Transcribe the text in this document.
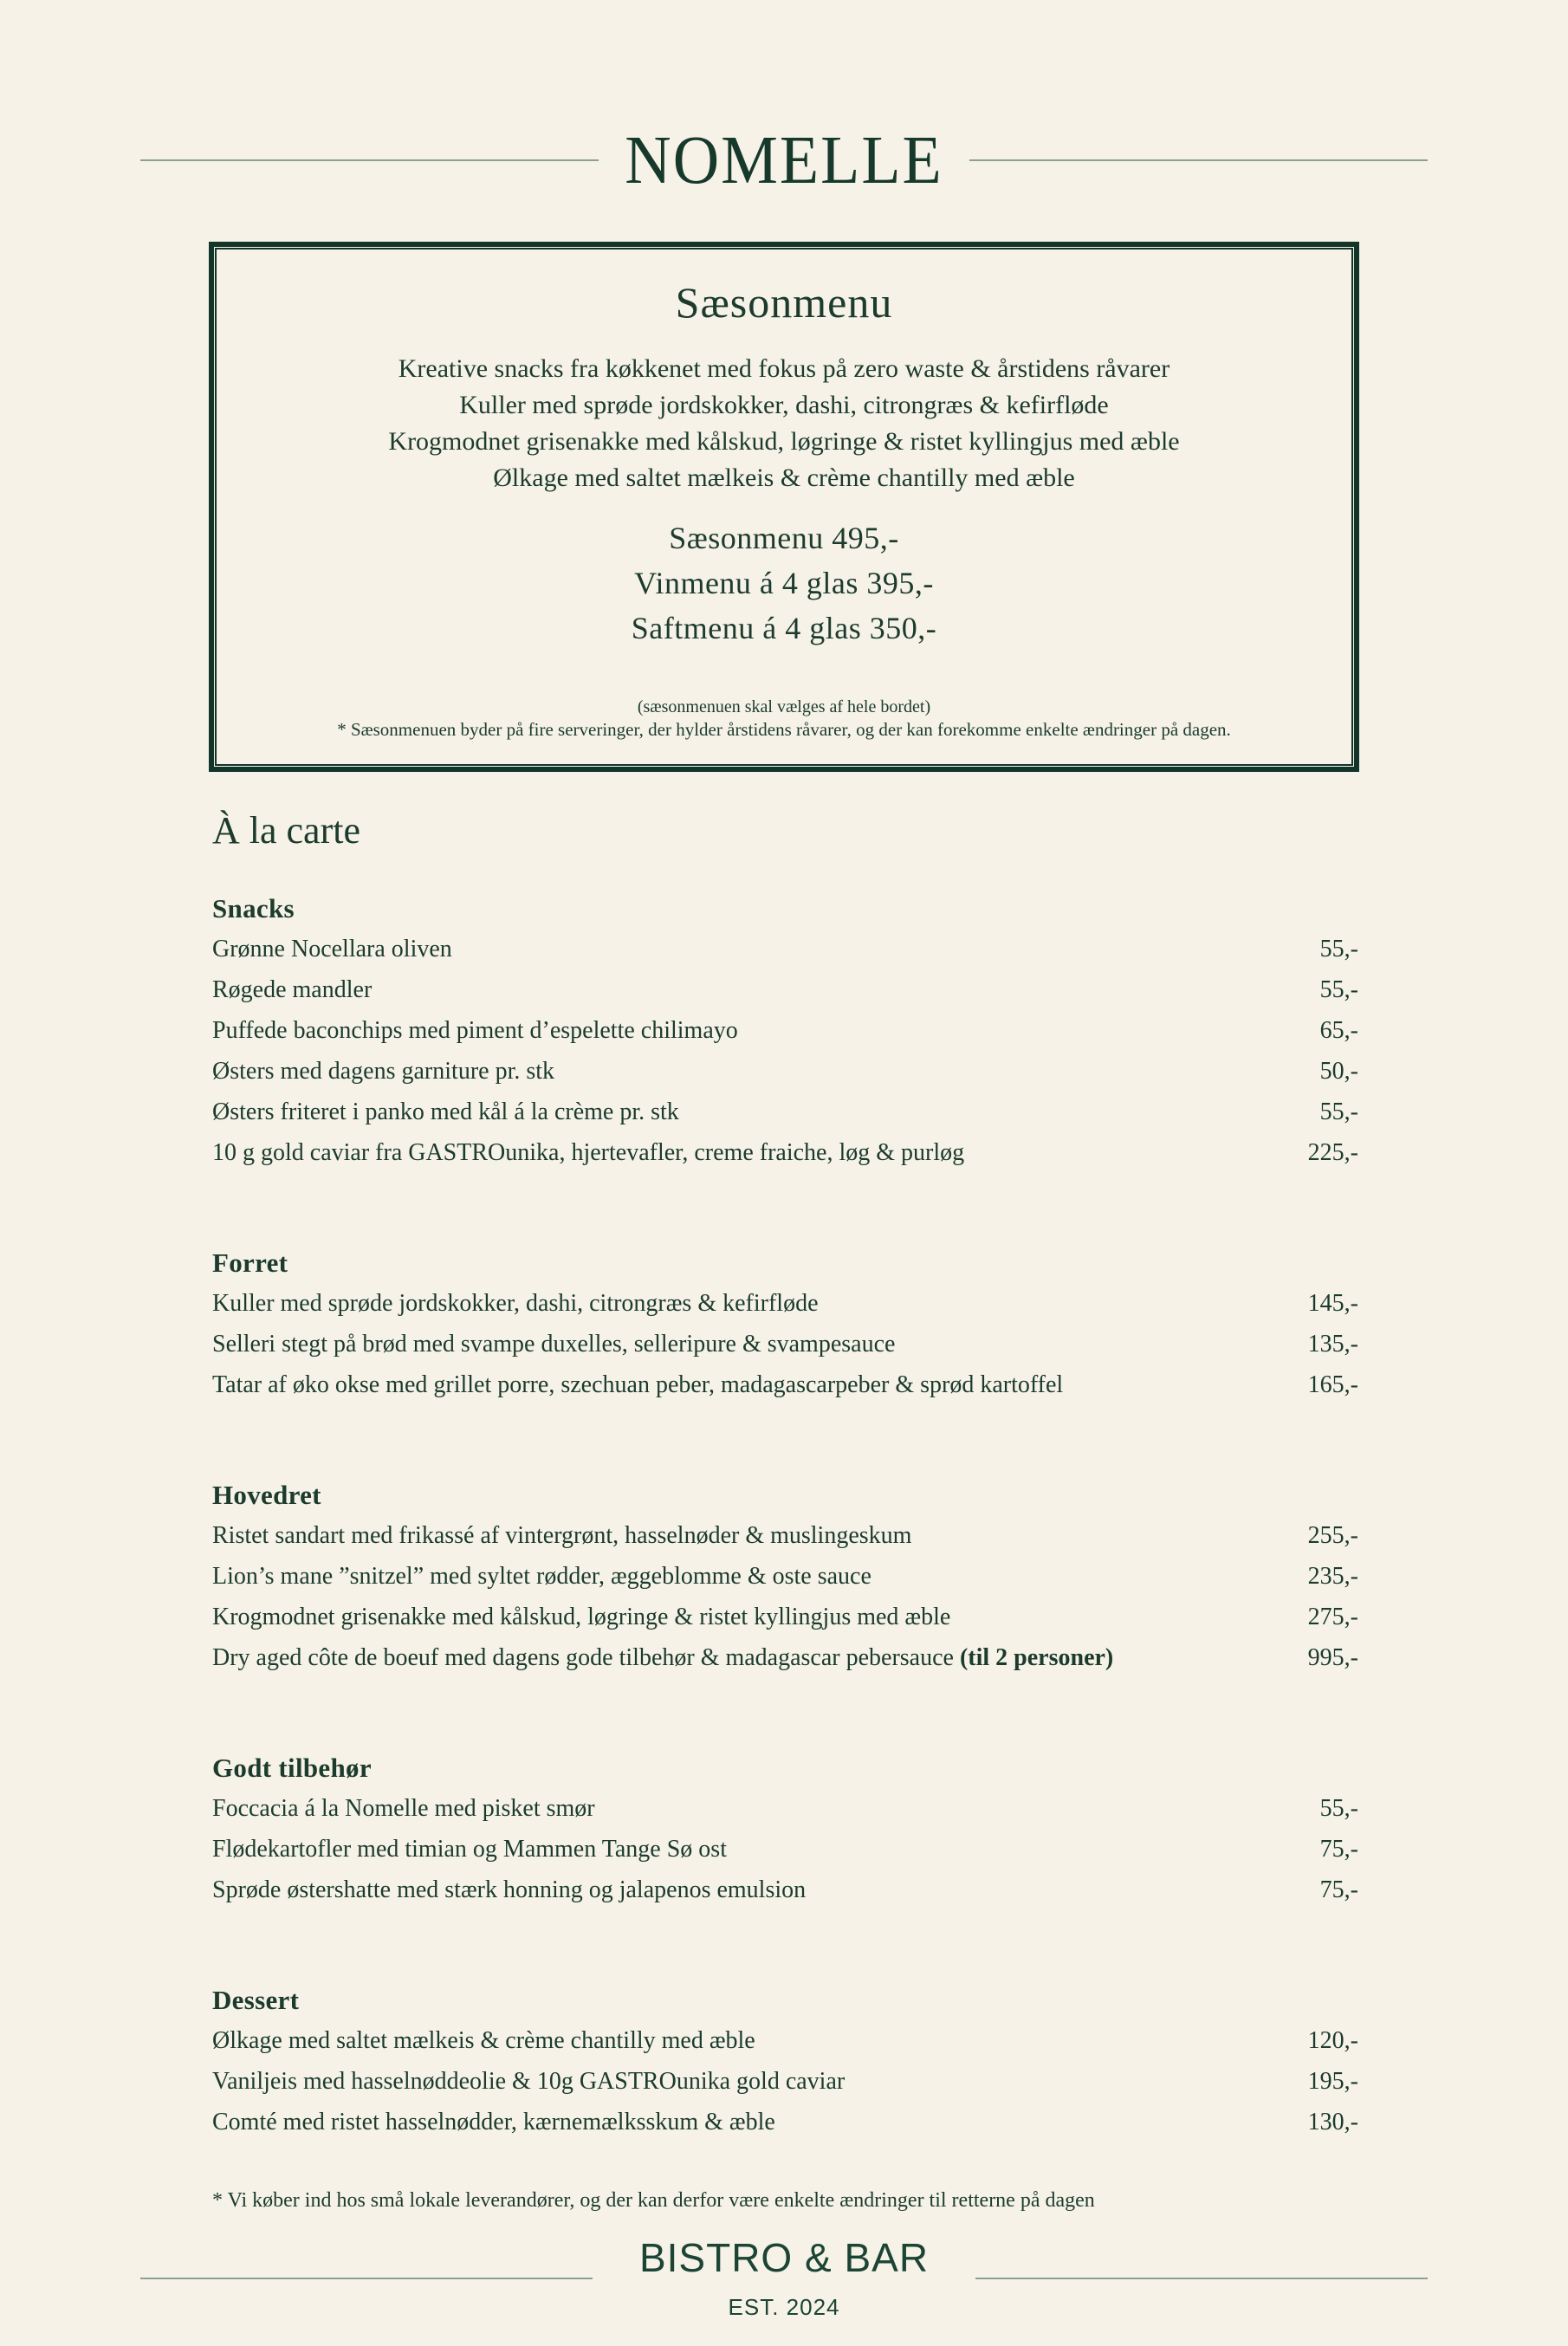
NOMELLE
Sæsonmenu
Kreative snacks fra køkkenet med fokus på zero waste & årstidens råvarer
Kuller med sprøde jordskokker, dashi, citrongræs & kefirfløde
Krogmodnet grisenakke med kålskud, løgringe & ristet kyllingjus med æble
Ølkage med saltet mælkeis & crème chantilly med æble
Sæsonmenu 495,-
Vinmenu á 4 glas 395,-
Saftmenu á 4 glas 350,-
(sæsonmenuen skal vælges af hele bordet)
* Sæsonmenuen byder på fire serveringer, der hylder årstidens råvarer, og der kan forekomme enkelte ændringer på dagen.
À la carte
Snacks
Grønne Nocellara oliven	55,-
Røgede mandler	55,-
Puffede baconchips med piment d’espelette chilimayo	65,-
Østers med dagens garniture pr. stk	50,-
Østers friteret i panko med kål á la crème pr. stk	55,-
10 g gold caviar fra GASTROunika, hjertevafler, creme fraiche, løg & purløg	225,-
Forret
Kuller med sprøde jordskokker, dashi, citrongræs & kefirfløde	145,-
Selleri stegt på brød med svampe duxelles, selleripure & svampesauce	135,-
Tatar af øko okse med grillet porre, szechuan peber, madagascarpeber & sprød kartoffel	165,-
Hovedret
Ristet sandart med frikassé af vintergrønt, hasselnøder & muslingeskum	255,-
Lion’s mane ”snitzel” med syltet rødder, æggeblomme & oste sauce	235,-
Krogmodnet grisenakke med kålskud, løgringe & ristet kyllingjus med æble	275,-
Dry aged côte de boeuf med dagens gode tilbehør & madagascar pebersauce (til 2 personer)	995,-
Godt tilbehør
Foccacia á la Nomelle med pisket smør	55,-
Flødekartofler med timian og Mammen Tange Sø ost	75,-
Sprøde østershatte med stærk honning og jalapenos emulsion	75,-
Dessert
Ølkage med saltet mælkeis & crème chantilly med æble	120,-
Vaniljeis med hasselnøddeolie & 10g GASTROunika gold caviar	195,-
Comté med ristet hasselnødder, kærnemælksskum & æble	130,-
* Vi køber ind hos små lokale leverandører, og der kan derfor være enkelte ændringer til retterne på dagen
BISTRO & BAR
EST. 2024
